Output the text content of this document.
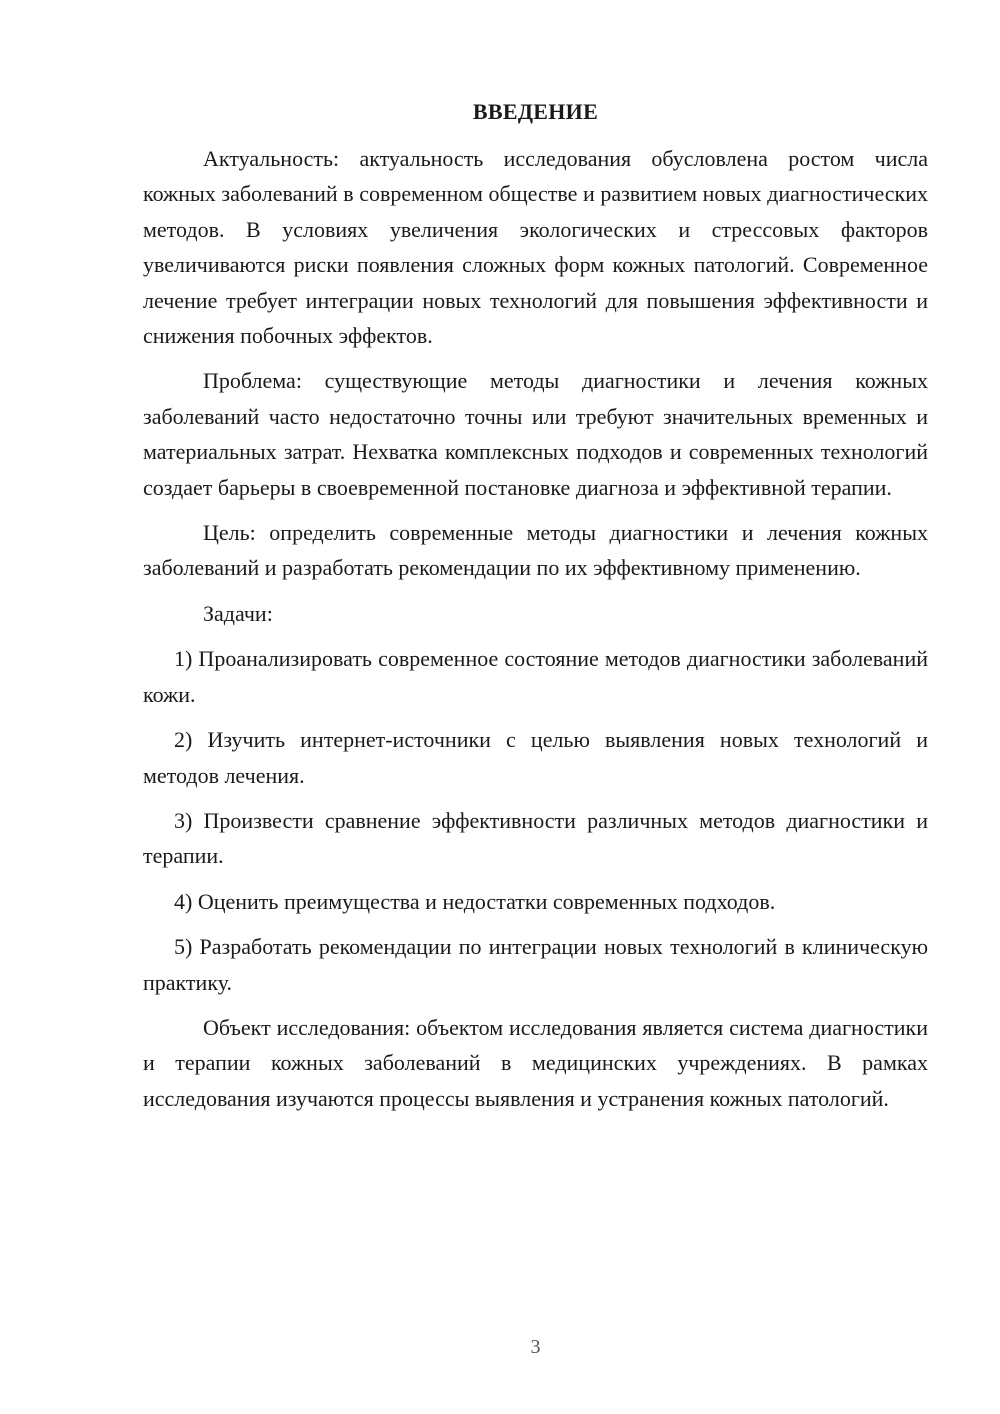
ВВЕДЕНИЕ

Актуальность: актуальность исследования обусловлена ростом числа кожных заболеваний в современном обществе и развитием новых диагностических методов. В условиях увеличения экологических и стрессовых факторов увеличиваются риски появления сложных форм кожных патологий. Современное лечение требует интеграции новых технологий для повышения эффективности и снижения побочных эффектов.

Проблема: существующие методы диагностики и лечения кожных заболеваний часто недостаточно точны или требуют значительных временных и материальных затрат. Нехватка комплексных подходов и современных технологий создает барьеры в своевременной постановке диагноза и эффективной терапии.

Цель: определить современные методы диагностики и лечения кожных заболеваний и разработать рекомендации по их эффективному применению.

Задачи:

1) Проанализировать современное состояние методов диагностики заболеваний кожи.

2) Изучить интернет-источники с целью выявления новых технологий и методов лечения.

3) Произвести сравнение эффективности различных методов диагностики и терапии.

4) Оценить преимущества и недостатки современных подходов.

5) Разработать рекомендации по интеграции новых технологий в клиническую практику.

Объект исследования: объектом исследования является система диагностики и терапии кожных заболеваний в медицинских учреждениях. В рамках исследования изучаются процессы выявления и устранения кожных патологий.

3
